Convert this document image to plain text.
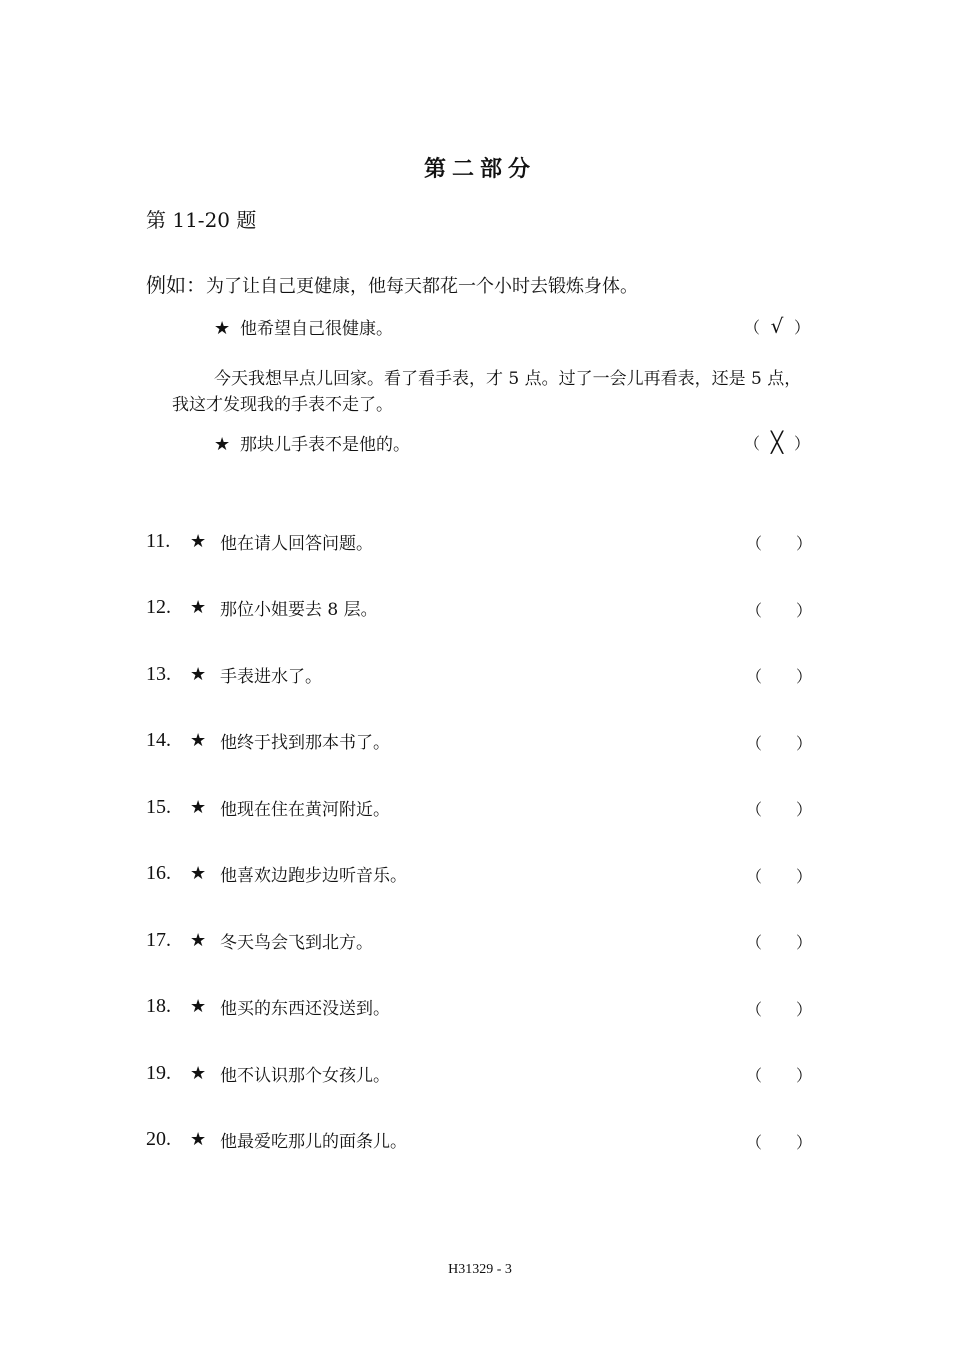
第二部分
第 11-20 题
例如：为了让自己更健康，他每天都花一个小时去锻炼身体。
★ 他希望自己很健康。	（ √ ）
今天我想早点儿回家。看了看手表，才 5 点。过了一会儿再看表，还是 5 点，我这才发现我的手表不走了。
★ 那块儿手表不是他的。	（ ╳ ）
11.	★ 他在请人回答问题。	（ ）
12.	★ 那位小姐要去 8 层。	（ ）
13.	★ 手表进水了。	（ ）
14.	★ 他终于找到那本书了。	（ ）
15.	★ 他现在住在黄河附近。	（ ）
16.	★ 他喜欢边跑步边听音乐。	（ ）
17.	★ 冬天鸟会飞到北方。	（ ）
18.	★ 他买的东西还没送到。	（ ）
19.	★ 他不认识那个女孩儿。	（ ）
20.	★ 他最爱吃那儿的面条儿。	（ ）
H31329 - 3
